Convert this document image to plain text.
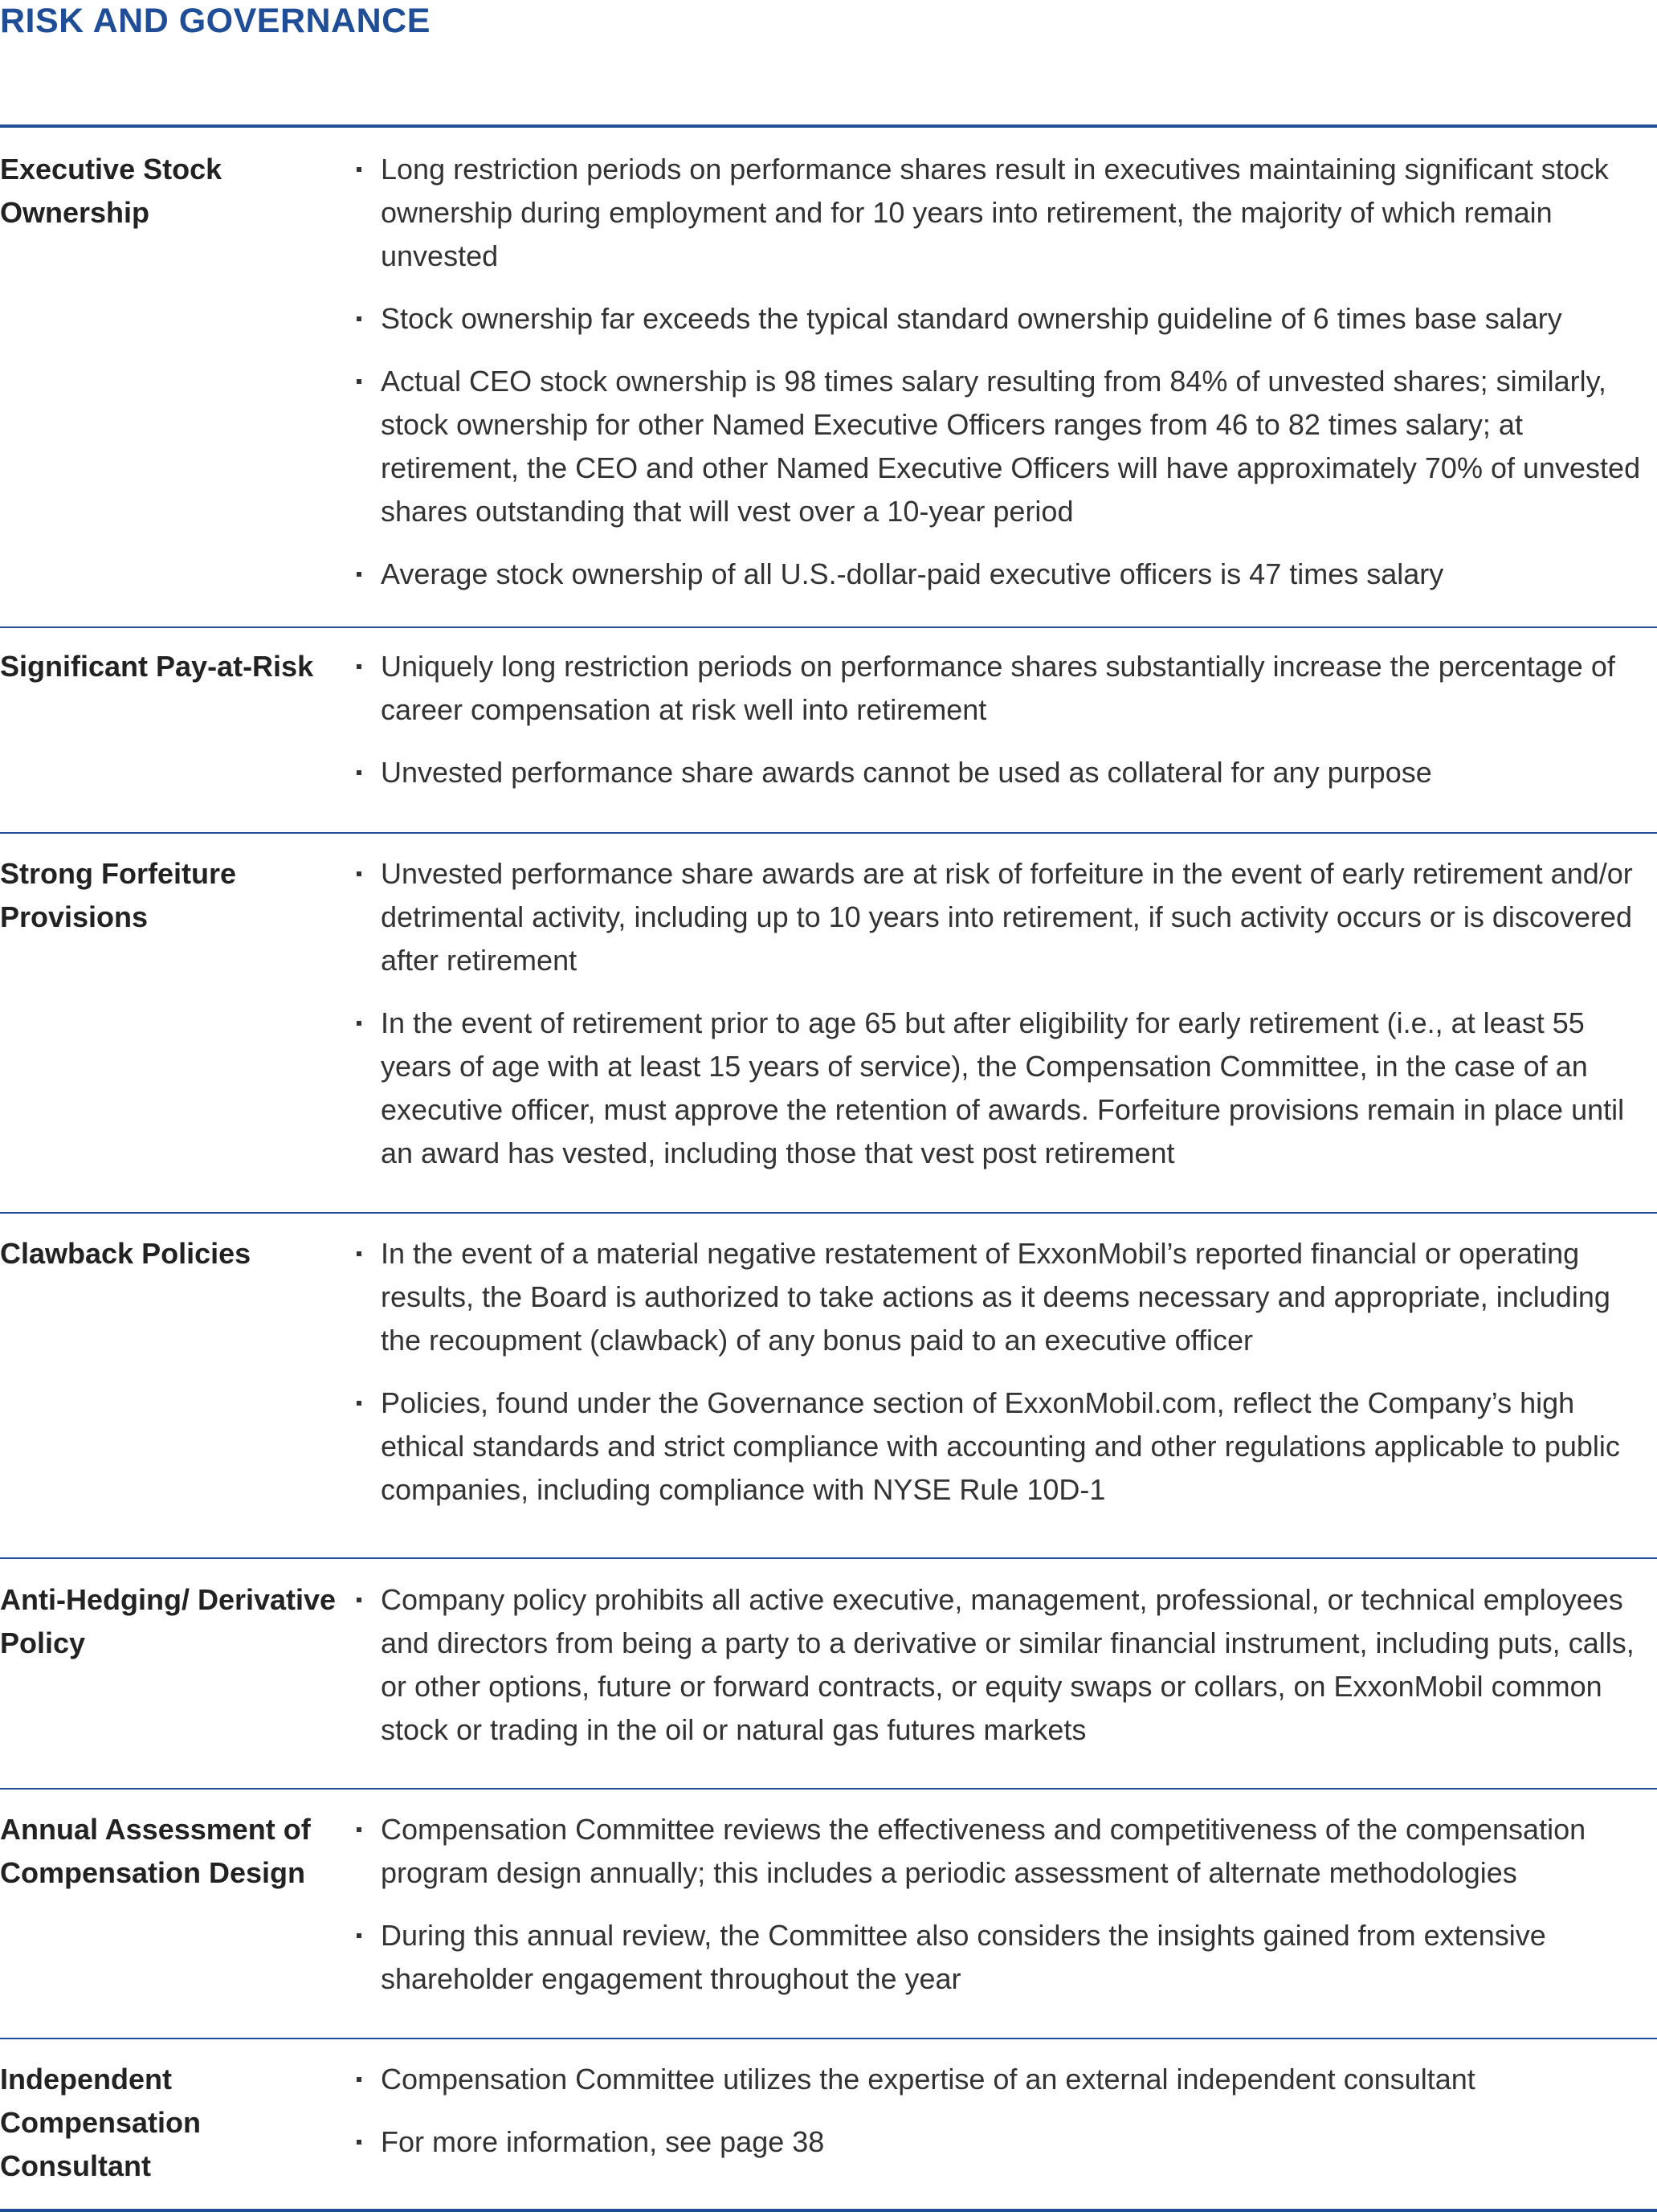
RISK AND GOVERNANCE
Executive Stock Ownership
Long restriction periods on performance shares result in executives maintaining significant stock ownership during employment and for 10 years into retirement, the majority of which remain unvested
Stock ownership far exceeds the typical standard ownership guideline of 6 times base salary
Actual CEO stock ownership is 98 times salary resulting from 84% of unvested shares; similarly, stock ownership for other Named Executive Officers ranges from 46 to 82 times salary; at retirement, the CEO and other Named Executive Officers will have approximately 70% of unvested shares outstanding that will vest over a 10-year period
Average stock ownership of all U.S.-dollar-paid executive officers is 47 times salary
Significant Pay-at-Risk	Uniquely long restriction periods on performance shares substantially increase the percentage of career compensation at risk well into retirement
Unvested performance share awards cannot be used as collateral for any purpose
Strong Forfeiture Provisions
Unvested performance share awards are at risk of forfeiture in the event of early retirement and/or detrimental activity, including up to 10 years into retirement, if such activity occurs or is discovered after retirement
In the event of retirement prior to age 65 but after eligibility for early retirement (i.e., at least 55 years of age with at least 15 years of service), the Compensation Committee, in the case of an executive officer, must approve the retention of awards. Forfeiture provisions remain in place until an award has vested, including those that vest post retirement
Clawback Policies	In the event of a material negative restatement of ExxonMobil’s reported financial or operating results, the Board is authorized to take actions as it deems necessary and appropriate, including the recoupment (clawback) of any bonus paid to an executive officer
Policies, found under the Governance section of ExxonMobil.com, reflect the Company’s high ethical standards and strict compliance with accounting and other regulations applicable to public companies, including compliance with NYSE Rule 10D-1
Anti-Hedging/ Derivative Policy
Company policy prohibits all active executive, management, professional, or technical employees and directors from being a party to a derivative or similar financial instrument, including puts, calls, or other options, future or forward contracts, or equity swaps or collars, on ExxonMobil common stock or trading in the oil or natural gas futures markets
Annual Assessment of Compensation Design
Compensation Committee reviews the effectiveness and competitiveness of the compensation program design annually; this includes a periodic assessment of alternate methodologies
During this annual review, the Committee also considers the insights gained from extensive shareholder engagement throughout the year
Independent Compensation Consultant
Compensation Committee utilizes the expertise of an external independent consultant
For more information, see page 38
